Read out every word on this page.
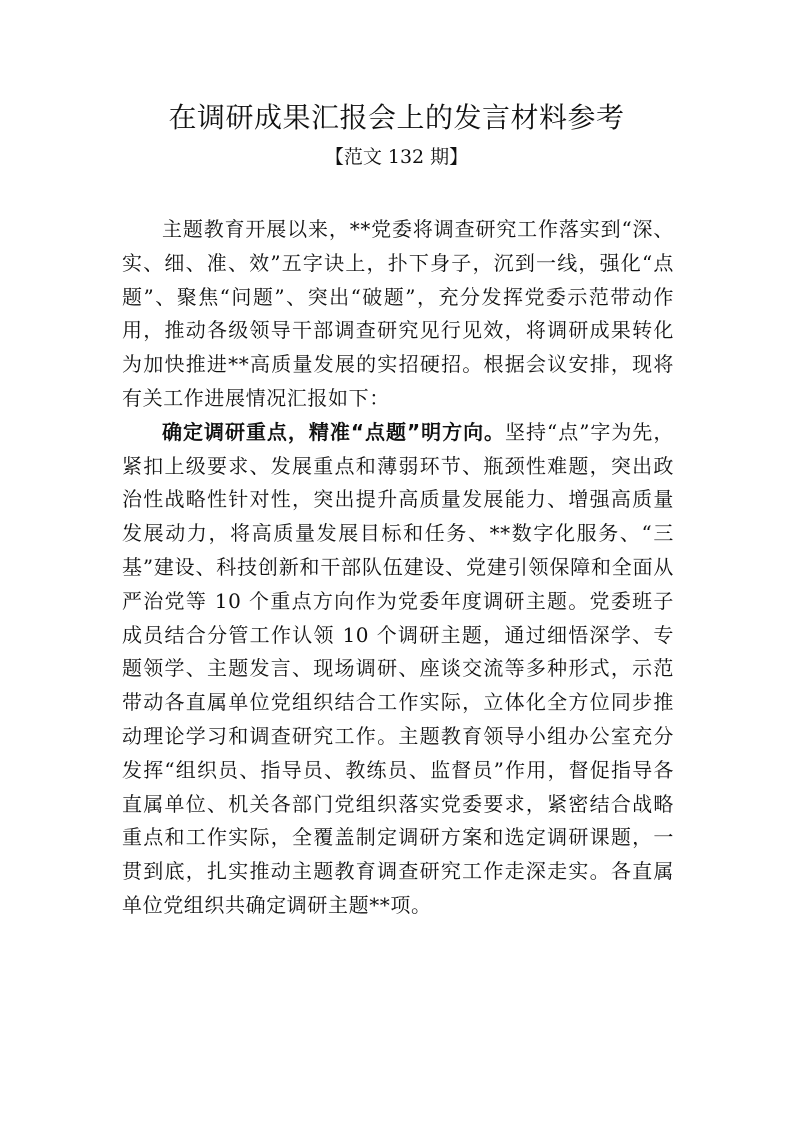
在调研成果汇报会上的发言材料参考
【范文 132 期】

主题教育开展以来，**党委将调查研究工作落实到“深、实、细、准、效”五字诀上，扑下身子，沉到一线，强化“点题”、聚焦“问题”、突出“破题”，充分发挥党委示范带动作用，推动各级领导干部调查研究见行见效，将调研成果转化为加快推进**高质量发展的实招硬招。根据会议安排，现将有关工作进展情况汇报如下：

确定调研重点，精准“点题”明方向。坚持“点”字为先，紧扣上级要求、发展重点和薄弱环节、瓶颈性难题，突出政治性战略性针对性，突出提升高质量发展能力、增强高质量发展动力，将高质量发展目标和任务、**数字化服务、“三基”建设、科技创新和干部队伍建设、党建引领保障和全面从严治党等 10 个重点方向作为党委年度调研主题。党委班子成员结合分管工作认领 10 个调研主题，通过细悟深学、专题领学、主题发言、现场调研、座谈交流等多种形式，示范带动各直属单位党组织结合工作实际，立体化全方位同步推动理论学习和调查研究工作。主题教育领导小组办公室充分发挥“组织员、指导员、教练员、监督员”作用，督促指导各直属单位、机关各部门党组织落实党委要求，紧密结合战略重点和工作实际，全覆盖制定调研方案和选定调研课题，一贯到底，扎实推动主题教育调查研究工作走深走实。各直属单位党组织共确定调研主题**项。
